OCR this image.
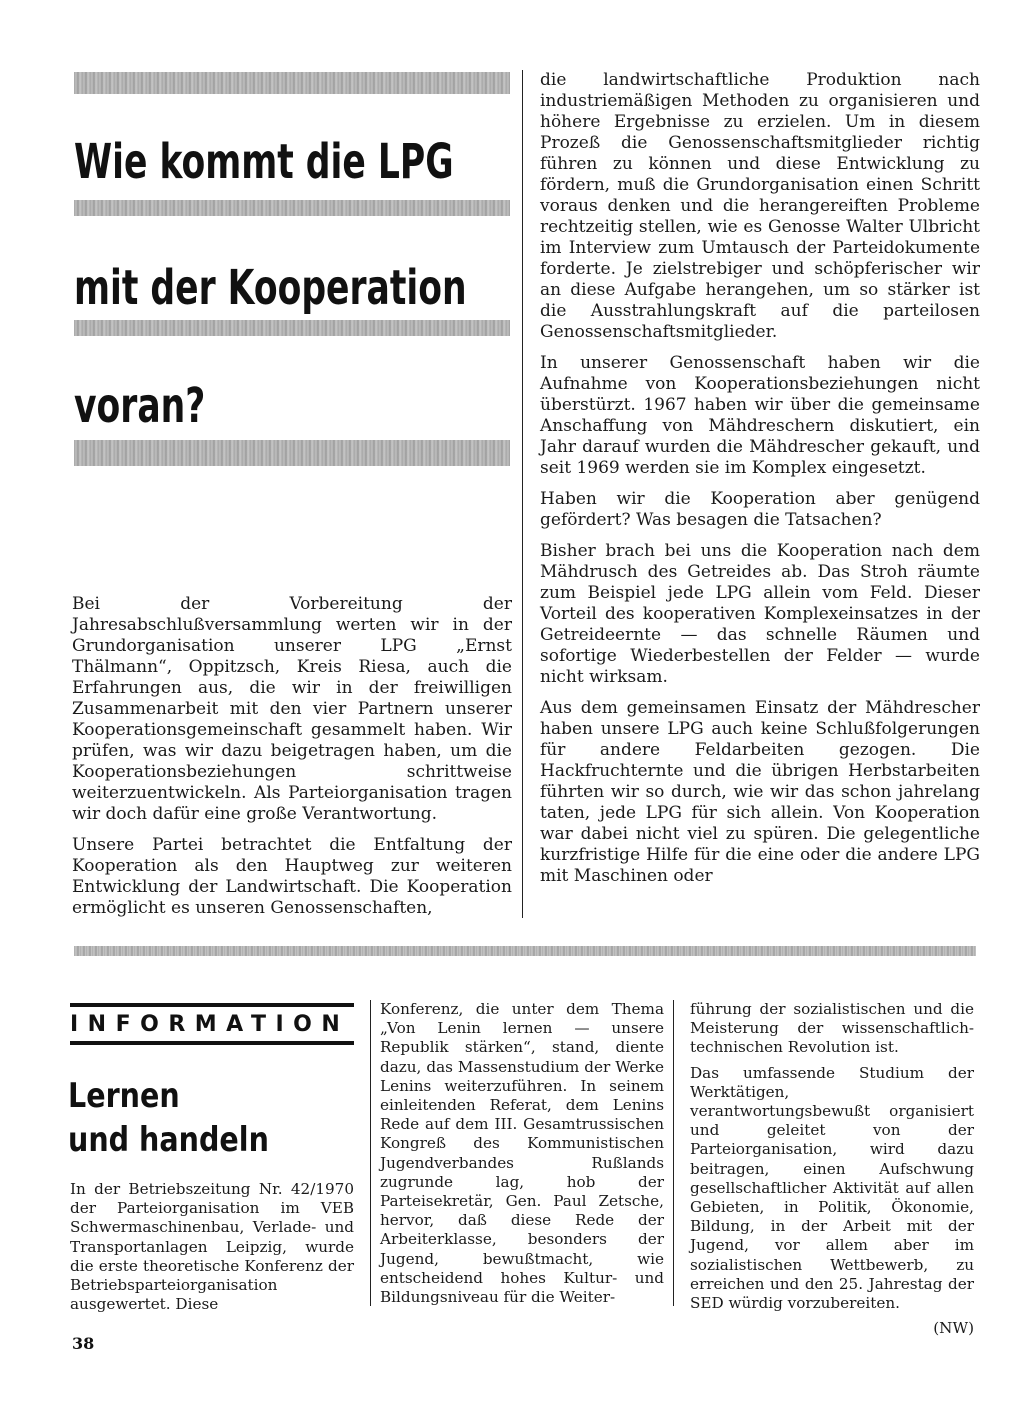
Wie kommt die LPG
mit der Kooperation
voran?

Bei der Vorbereitung der Jahresabschlußversammlung werten wir in der Grundorganisation unserer LPG „Ernst Thälmann“, Oppitzsch, Kreis Riesa, auch die Erfahrungen aus, die wir in der freiwilligen Zusammenarbeit mit den vier Partnern unserer Kooperationsgemeinschaft gesammelt haben. Wir prüfen, was wir dazu beigetragen haben, um die Kooperationsbeziehungen schrittweise weiterzuentwickeln. Als Parteiorganisation tragen wir doch dafür eine große Verantwortung.

Unsere Partei betrachtet die Entfaltung der Kooperation als den Hauptweg zur weiteren Entwicklung der Landwirtschaft. Die Kooperation ermöglicht es unseren Genossenschaften,

die landwirtschaftliche Produktion nach industriemäßigen Methoden zu organisieren und höhere Ergebnisse zu erzielen. Um in diesem Prozeß die Genossenschaftsmitglieder richtig führen zu können und diese Entwicklung zu fördern, muß die Grundorganisation einen Schritt voraus denken und die herangereiften Probleme rechtzeitig stellen, wie es Genosse Walter Ulbricht im Interview zum Umtausch der Parteidokumente forderte. Je zielstrebiger und schöpferischer wir an diese Aufgabe herangehen, um so stärker ist die Ausstrahlungskraft auf die parteilosen Genossenschaftsmitglieder.

In unserer Genossenschaft haben wir die Aufnahme von Kooperationsbeziehungen nicht überstürzt. 1967 haben wir über die gemeinsame Anschaffung von Mähdreschern diskutiert, ein Jahr darauf wurden die Mähdrescher gekauft, und seit 1969 werden sie im Komplex eingesetzt.

Haben wir die Kooperation aber genügend gefördert? Was besagen die Tatsachen?

Bisher brach bei uns die Kooperation nach dem Mähdrusch des Getreides ab. Das Stroh räumte zum Beispiel jede LPG allein vom Feld. Dieser Vorteil des kooperativen Komplexeinsatzes in der Getreideernte — das schnelle Räumen und sofortige Wiederbestellen der Felder — wurde nicht wirksam.

Aus dem gemeinsamen Einsatz der Mähdrescher haben unsere LPG auch keine Schlußfolgerungen für andere Feldarbeiten gezogen. Die Hackfruchternte und die übrigen Herbstarbeiten führten wir so durch, wie wir das schon jahrelang taten, jede LPG für sich allein. Von Kooperation war dabei nicht viel zu spüren. Die gelegentliche kurzfristige Hilfe für die eine oder die andere LPG mit Maschinen oder

INFORMATION
Lernen
und handeln

In der Betriebszeitung Nr. 42/1970 der Parteiorganisation im VEB Schwermaschinenbau, Verlade- und Transportanlagen Leipzig, wurde die erste theoretische Konferenz der Betriebsparteiorganisation ausgewertet. Diese

Konferenz, die unter dem Thema „Von Lenin lernen — unsere Republik stärken“, stand, diente dazu, das Massenstudium der Werke Lenins weiterzuführen. In seinem einleitenden Referat, dem Lenins Rede auf dem III. Gesamtrussischen Kongreß des Kommunistischen Jugendverbandes Rußlands zugrunde lag, hob der Parteisekretär, Gen. Paul Zetsche, hervor, daß diese Rede der Arbeiterklasse, besonders der Jugend, bewußtmacht, wie entscheidend hohes Kultur- und Bildungsniveau für die Weiter-

führung der sozialistischen und die Meisterung der wissenschaftlich-technischen Revolution ist.

Das umfassende Studium der Werktätigen, verantwortungsbewußt organisiert und geleitet von der Parteiorganisation, wird dazu beitragen, einen Aufschwung gesellschaftlicher Aktivität auf allen Gebieten, in Politik, Ökonomie, Bildung, in der Arbeit mit der Jugend, vor allem aber im sozialistischen Wettbewerb, zu erreichen und den 25. Jahrestag der SED würdig vorzubereiten.

(NW)

38
